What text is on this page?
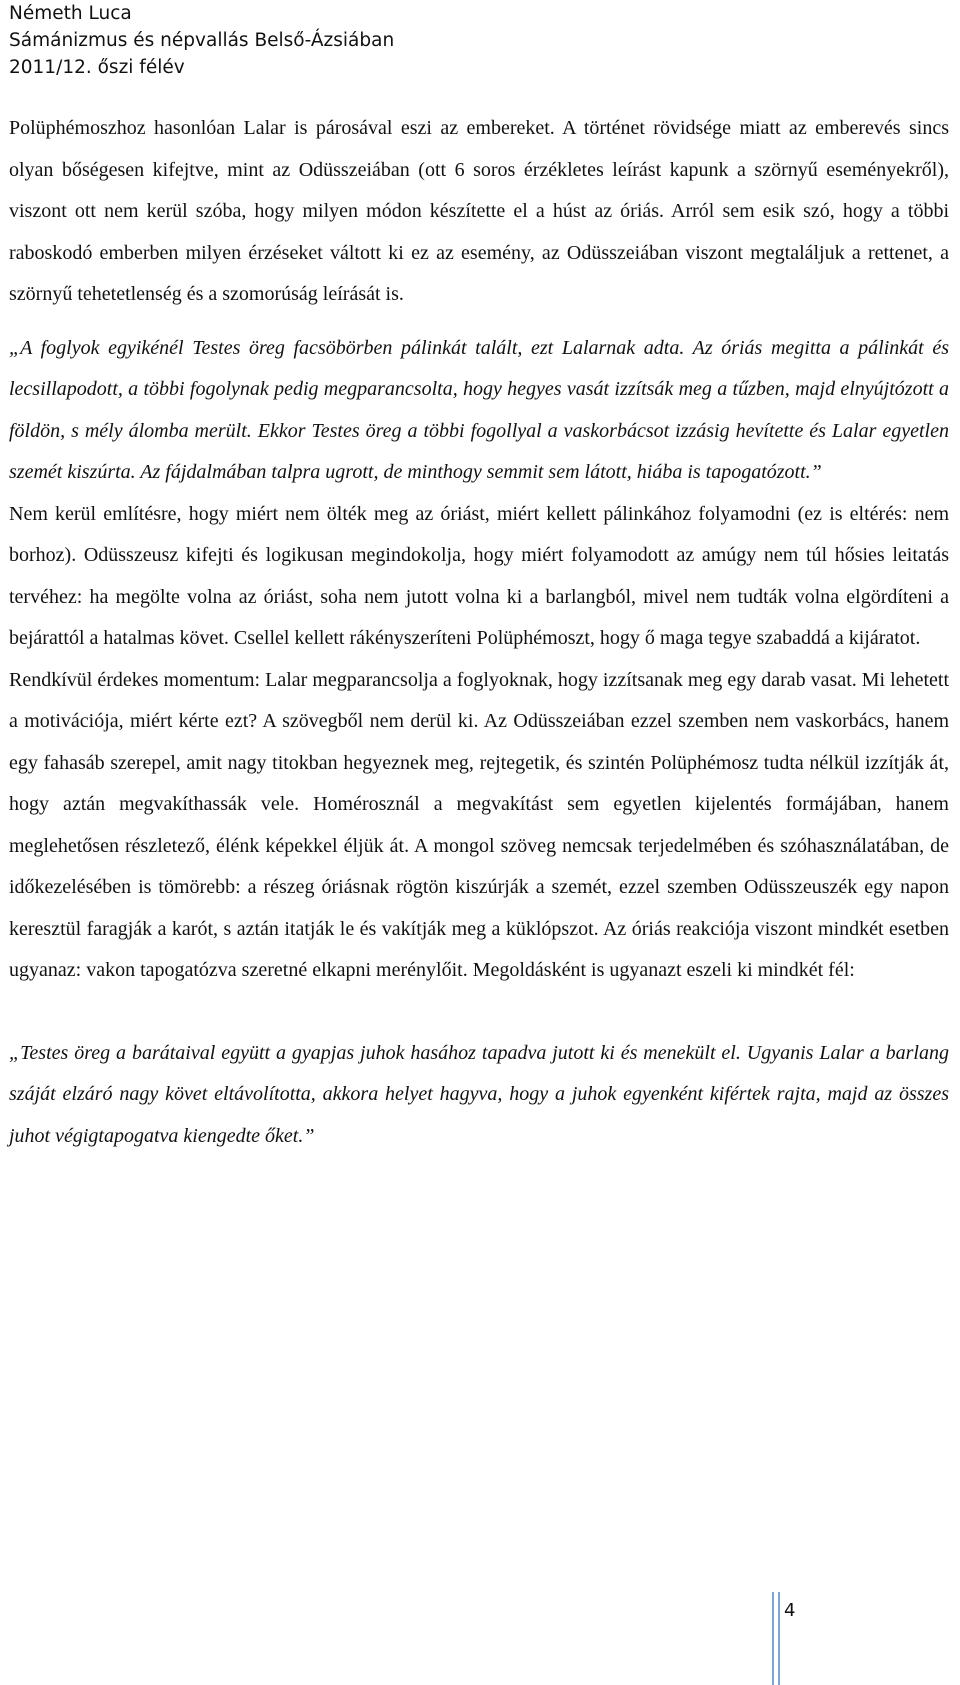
Németh Luca
Sámánizmus és népvallás Belső-Ázsiában
2011/12. őszi félév

Polüphémoszhoz hasonlóan Lalar is párosával eszi az embereket. A történet rövidsége miatt az emberevés sincs olyan bőségesen kifejtve, mint az Odüsszeiában (ott 6 soros érzékletes leírást kapunk a szörnyű eseményekről), viszont ott nem kerül szóba, hogy milyen módon készítette el a húst az óriás. Arról sem esik szó, hogy a többi raboskodó emberben milyen érzéseket váltott ki ez az esemény, az Odüsszeiában viszont megtaláljuk a rettenet, a szörnyű tehetetlenség és a szomorúság leírását is.

„A foglyok egyikénél Testes öreg facsöbörben pálinkát talált, ezt Lalarnak adta. Az óriás megitta a pálinkát és lecsillapodott, a többi fogolynak pedig megparancsolta, hogy hegyes vasát izzítsák meg a tűzben, majd elnyújtózott a földön, s mély álomba merült. Ekkor Testes öreg a többi fogollyal a vaskorbácsot izzásig hevítette és Lalar egyetlen szemét kiszúrta. Az fájdalmában talpra ugrott, de minthogy semmit sem látott, hiába is tapogatózott.”

Nem kerül említésre, hogy miért nem ölték meg az óriást, miért kellett pálinkához folyamodni (ez is eltérés: nem borhoz). Odüsszeusz kifejti és logikusan megindokolja, hogy miért folyamodott az amúgy nem túl hősies leitatás tervéhez: ha megölte volna az óriást, soha nem jutott volna ki a barlangból, mivel nem tudták volna elgördíteni a bejárattól a hatalmas követ. Csellel kellett rákényszeríteni Polüphémoszt, hogy ő maga tegye szabaddá a kijáratot.

Rendkívül érdekes momentum: Lalar megparancsolja a foglyoknak, hogy izzítsanak meg egy darab vasat. Mi lehetett a motivációja, miért kérte ezt? A szövegből nem derül ki. Az Odüsszeiában ezzel szemben nem vaskorbács, hanem egy fahasáb szerepel, amit nagy titokban hegyeznek meg, rejtegetik, és szintén Polüphémosz tudta nélkül izzítják át, hogy aztán megvakíthassák vele. Homérosznál a megvakítást sem egyetlen kijelentés formájában, hanem meglehetősen részletező, élénk képekkel éljük át. A mongol szöveg nemcsak terjedelmében és szóhasználatában, de időkezelésében is tömörebb: a részeg óriásnak rögtön kiszúrják a szemét, ezzel szemben Odüsszeuszék egy napon keresztül faragják a karót, s aztán itatják le és vakítják meg a küklópszot. Az óriás reakciója viszont mindkét esetben ugyanaz: vakon tapogatózva szeretné elkapni merénylőit. Megoldásként is ugyanazt eszeli ki mindkét fél:

„Testes öreg a barátaival együtt a gyapjas juhok hasához tapadva jutott ki és menekült el. Ugyanis Lalar a barlang száját elzáró nagy követ eltávolította, akkora helyet hagyva, hogy a juhok egyenként kifértek rajta, majd az összes juhot végigtapogatva kiengedte őket.”

4
